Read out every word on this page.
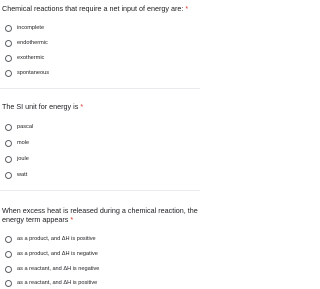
Chemical reactions that require a net input of energy are: *
incomplete
endothermic
exothermic
spontaneous
The SI unit for energy is *
pascal
mole
joule
watt
When excess heat is released during a chemical reaction, the energy term appears *
as a product, and ΔH is positive
as a product, and ΔH is negative
as a reactant, and ΔH is negative
as a reactant, and ΔH is positive
